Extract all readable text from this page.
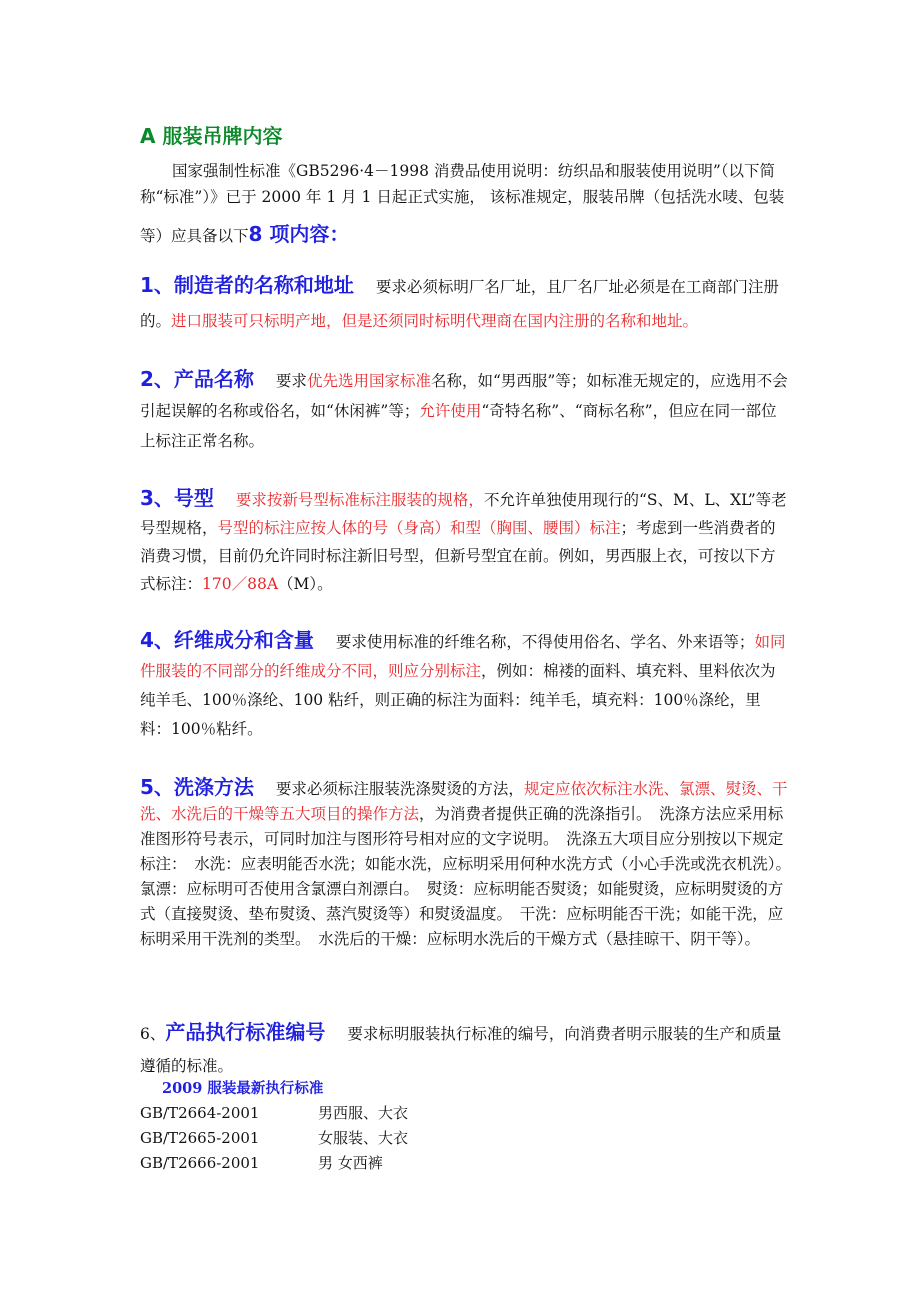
A 服装吊牌内容
国家强制性标准《GB5296·4－1998 消费品使用说明：纺织品和服装使用说明”（以下简称“标准”）》已于 2000 年 1 月 1 日起正式实施， 该标准规定，服装吊牌（包括洗水唛、包装
等）应具备以下8 项内容：
1、制造者的名称和地址 要求必须标明厂名厂址，且厂名厂址必须是在工商部门注册的。进口服装可只标明产地，但是还须同时标明代理商在国内注册的名称和地址。
2、产品名称 要求优先选用国家标准名称，如“男西服”等；如标准无规定的，应选用不会引起误解的名称或俗名，如“休闲裤”等；允许使用“奇特名称”、“商标名称”，但应在同一部位上标注正常名称。
3、号型 要求按新号型标准标注服装的规格，不允许单独使用现行的“S、M、L、XL”等老号型规格，号型的标注应按人体的号（身高）和型（胸围、腰围）标注；考虑到一些消费者的消费习惯，目前仍允许同时标注新旧号型，但新号型宜在前。例如，男西服上衣，可按以下方式标注：170／88A（M）。
4、纤维成分和含量 要求使用标准的纤维名称，不得使用俗名、学名、外来语等；如同件服装的不同部分的纤维成分不同，则应分别标注，例如：棉褛的面料、填充料、里料依次为纯羊毛、100％涤纶、100 粘纤，则正确的标注为面料：纯羊毛，填充料：100％涤纶，里料：100％粘纤。
5、洗涤方法 要求必须标注服装洗涤熨烫的方法，规定应依次标注水洗、氯漂、熨烫、干洗、水洗后的干燥等五大项目的操作方法，为消费者提供正确的洗涤指引。　洗涤方法应采用标准图形符号表示，可同时加注与图形符号相对应的文字说明。　洗涤五大项目应分别按以下规定标注：　水洗：应表明能否水洗；如能水洗，应标明采用何种水洗方式（小心手洗或洗衣机洗）。　氯漂：应标明可否使用含氯漂白剂漂白。　熨烫：应标明能否熨烫；如能熨烫，应标明熨烫的方式（直接熨烫、垫布熨烫、蒸汽熨烫等）和熨烫温度。　干洗：应标明能否干洗；如能干洗，应标明采用干洗剂的类型。　水洗后的干燥：应标明水洗后的干燥方式（悬挂晾干、阴干等）。
6、产品执行标准编号 要求标明服装执行标准的编号，向消费者明示服装的生产和质量遵循的标准。
2009 服装最新执行标准
GB/T2664-2001	男西服、大衣
GB/T2665-2001	女服装、大衣
GB/T2666-2001	男 女西裤
